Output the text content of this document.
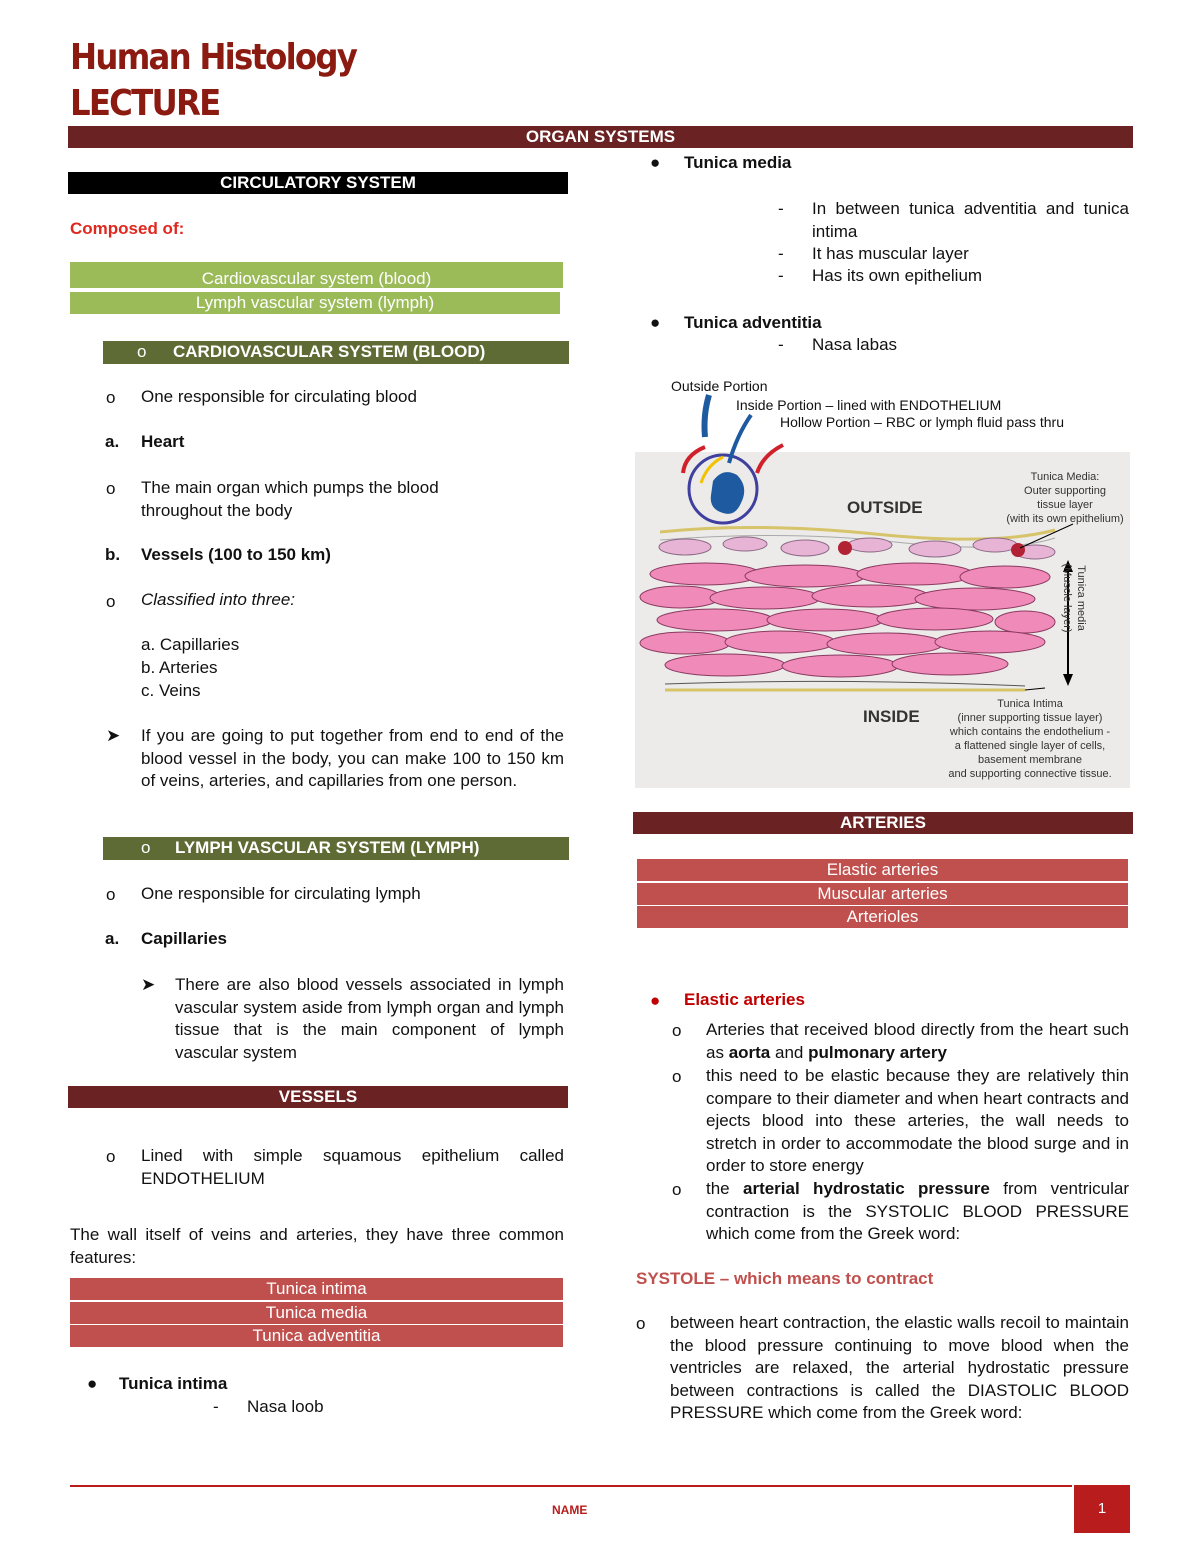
Human Histology
LECTURE
ORGAN SYSTEMS
CIRCULATORY SYSTEM
Composed of:
Cardiovascular system (blood)
Lymph vascular system (lymph)
o CARDIOVASCULAR SYSTEM (BLOOD)
o One responsible for circulating blood
a. Heart
o The main organ which pumps the blood throughout the body
b. Vessels (100 to 150 km)
o Classified into three:
a. Capillaries
b. Arteries
c. Veins
➤ If you are going to put together from end to end of the blood vessel in the body, you can make 100 to 150 km of veins, arteries, and capillaries from one person.
o LYMPH VASCULAR SYSTEM (LYMPH)
o One responsible for circulating lymph
a. Capillaries
➤ There are also blood vessels associated in lymph vascular system aside from lymph organ and lymph tissue that is the main component of lymph vascular system
VESSELS
o Lined with simple squamous epithelium called ENDOTHELIUM
The wall itself of veins and arteries, they have three common features:
Tunica intima
Tunica media
Tunica adventitia
● Tunica intima
- Nasa loob
● Tunica media
- In between tunica adventitia and tunica intima
- It has muscular layer
- Has its own epithelium
● Tunica adventitia
- Nasa labas
Outside Portion
Inside Portion – lined with ENDOTHELIUM
Hollow Portion – RBC or lymph fluid pass thru
OUTSIDE
INSIDE
Tunica Media:
Outer supporting
tissue layer
(with its own epithelium)
Tunica media
(Muscle layer)
Tunica Intima
(inner supporting tissue layer)
which contains the endothelium -
a flattened single layer of cells,
basement membrane
and supporting connective tissue.
ARTERIES
Elastic arteries
Muscular arteries
Arterioles
● Elastic arteries
o Arteries that received blood directly from the heart such as aorta and pulmonary artery
o this need to be elastic because they are relatively thin compare to their diameter and when heart contracts and ejects blood into these arteries, the wall needs to stretch in order to accommodate the blood surge and in order to store energy
o the arterial hydrostatic pressure from ventricular contraction is the SYSTOLIC BLOOD PRESSURE which come from the Greek word:
SYSTOLE – which means to contract
o between heart contraction, the elastic walls recoil to maintain the blood pressure continuing to move blood when the ventricles are relaxed, the arterial hydrostatic pressure between contractions is called the DIASTOLIC BLOOD PRESSURE which come from the Greek word:
NAME	1
